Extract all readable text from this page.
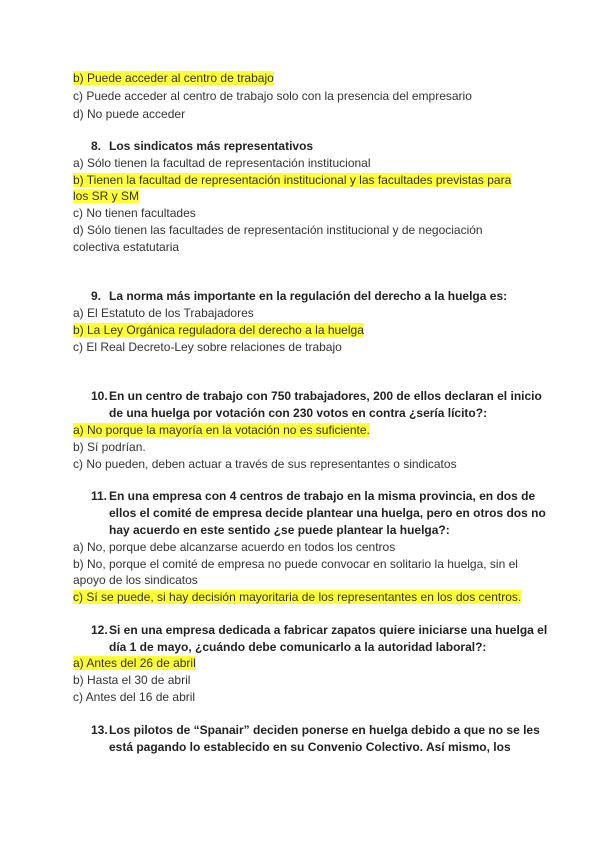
b) Puede acceder al centro de trabajo
c) Puede acceder al centro de trabajo solo con la presencia del empresario
d) No puede acceder
8. Los sindicatos más representativos
a) Sólo tienen la facultad de representación institucional
b) Tienen la facultad de representación institucional y las facultades previstas para
los SR y SM
c) No tienen facultades
d) Sólo tienen las facultades de representación institucional y de negociación
colectiva estatutaria
9. La norma más importante en la regulación del derecho a la huelga es:
a) El Estatuto de los Trabajadores
b) La Ley Orgánica reguladora del derecho a la huelga
c) El Real Decreto-Ley sobre relaciones de trabajo
10. En un centro de trabajo con 750 trabajadores, 200 de ellos declaran el inicio
de una huelga por votación con 230 votos en contra ¿sería lícito?:
a) No porque la mayoría en la votación no es suficiente.
b) Sí podrían.
c) No pueden, deben actuar a través de sus representantes o sindicatos
11. En una empresa con 4 centros de trabajo en la misma provincia, en dos de
ellos el comité de empresa decide plantear una huelga, pero en otros dos no
hay acuerdo en este sentido ¿se puede plantear la huelga?:
a) No, porque debe alcanzarse acuerdo en todos los centros
b) No, porque el comité de empresa no puede convocar en solitario la huelga, sin el
apoyo de los sindicatos
c) Sí se puede, si hay decisión mayoritaria de los representantes en los dos centros.
12. Si en una empresa dedicada a fabricar zapatos quiere iniciarse una huelga el
día 1 de mayo, ¿cuándo debe comunicarlo a la autoridad laboral?:
a) Antes del 26 de abril
b) Hasta el 30 de abril
c) Antes del 16 de abril
13. Los pilotos de “Spanair” deciden ponerse en huelga debido a que no se les
está pagando lo establecido en su Convenio Colectivo. Así mismo, los
